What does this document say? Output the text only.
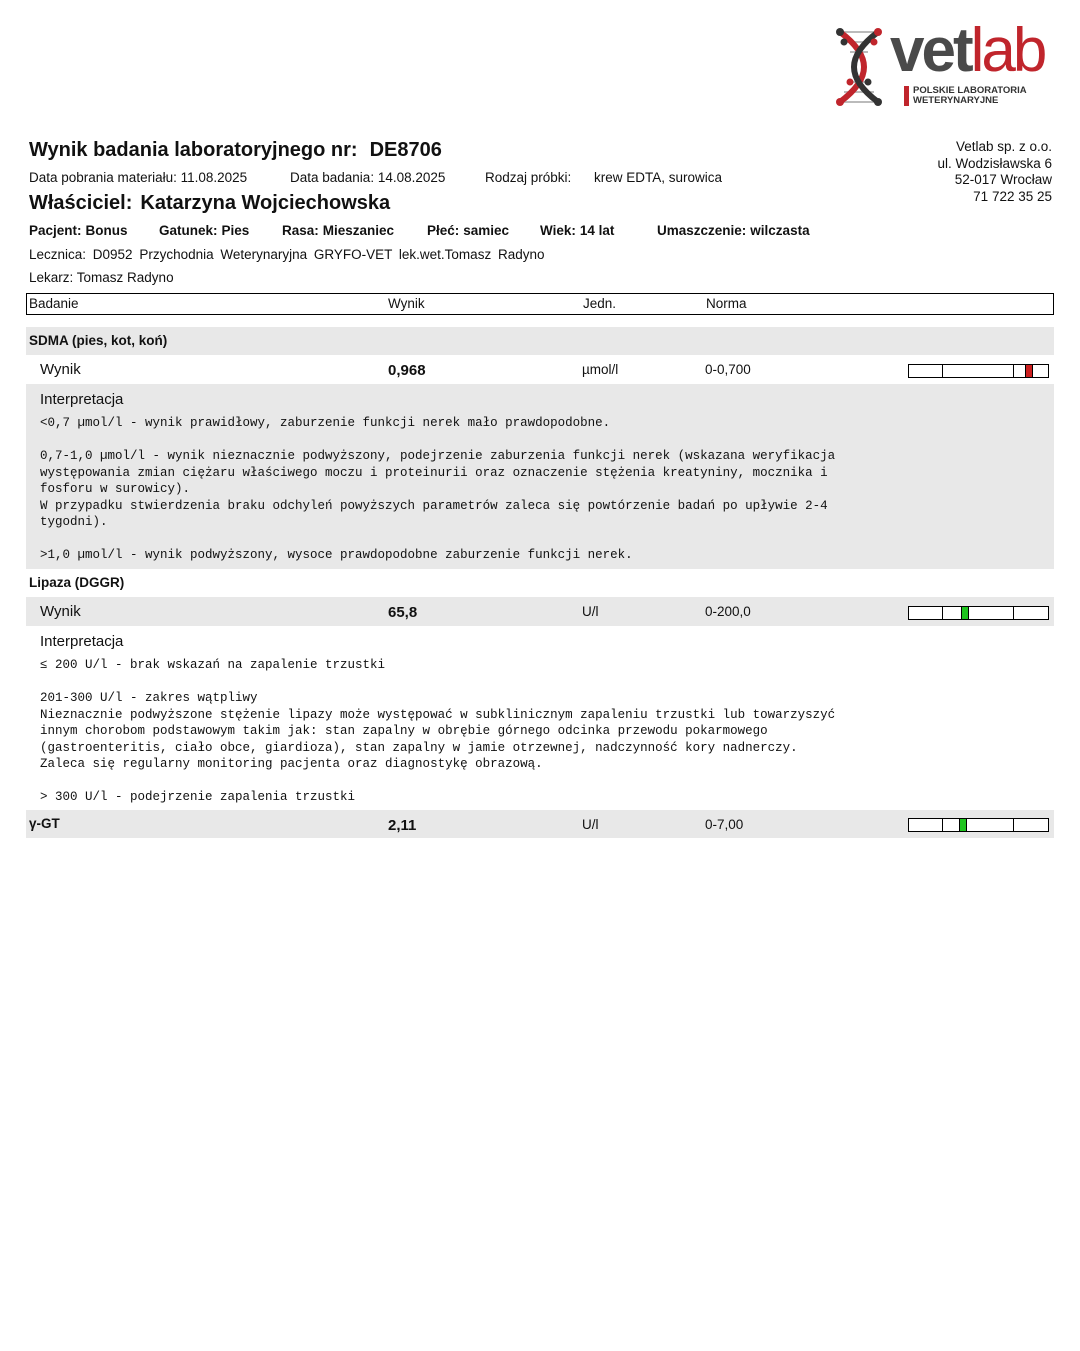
vetlab
POLSKIE LABORATORIA
WETERYNARYJNE
Wynik badania laboratoryjnego nr: DE8706	Vetlab sp. z o.o.
ul. Wodzisławska 6
52-017 Wrocław
71 722 35 25
Data pobrania materiału: 11.08.2025	Data badania: 14.08.2025	Rodzaj próbki: krew EDTA, surowica
Właściciel: Katarzyna Wojciechowska
Pacjent: Bonus Gatunek: Pies Rasa: Mieszaniec Płeć: samiec Wiek: 14 lat	Umaszczenie: wilczasta
Lecznica: D0952 Przychodnia Weterynaryjna GRYFO-VET lek.wet.Tomasz Radyno
Lekarz: Tomasz Radyno
Badanie	Wynik	Jedn.	Norma
SDMA (pies, kot, koń)
Wynik	0,968	µmol/l	0-0,700
Interpretacja
<0,7 µmol/l - wynik prawidłowy, zaburzenie funkcji nerek mało prawdopodobne.

0,7-1,0 µmol/l - wynik nieznacznie podwyższony, podejrzenie zaburzenia funkcji nerek (wskazana weryfikacja
występowania zmian ciężaru właściwego moczu i proteinurii oraz oznaczenie stężenia kreatyniny, mocznika i
fosforu w surowicy).
W przypadku stwierdzenia braku odchyleń powyższych parametrów zaleca się powtórzenie badań po upływie 2-4
tygodni).

>1,0 µmol/l - wynik podwyższony, wysoce prawdopodobne zaburzenie funkcji nerek.
Lipaza (DGGR)
Wynik	65,8	U/l	0-200,0
Interpretacja
≤ 200 U/l - brak wskazań na zapalenie trzustki

201-300 U/l - zakres wątpliwy
Nieznacznie podwyższone stężenie lipazy może występować w subklinicznym zapaleniu trzustki lub towarzyszyć
innym chorobom podstawowym takim jak: stan zapalny w obrębie górnego odcinka przewodu pokarmowego
(gastroenteritis, ciało obce, giardioza), stan zapalny w jamie otrzewnej, nadczynność kory nadnerczy.
Zaleca się regularny monitoring pacjenta oraz diagnostykę obrazową.

> 300 U/l - podejrzenie zapalenia trzustki
γ-GT	2,11	U/l	0-7,00
